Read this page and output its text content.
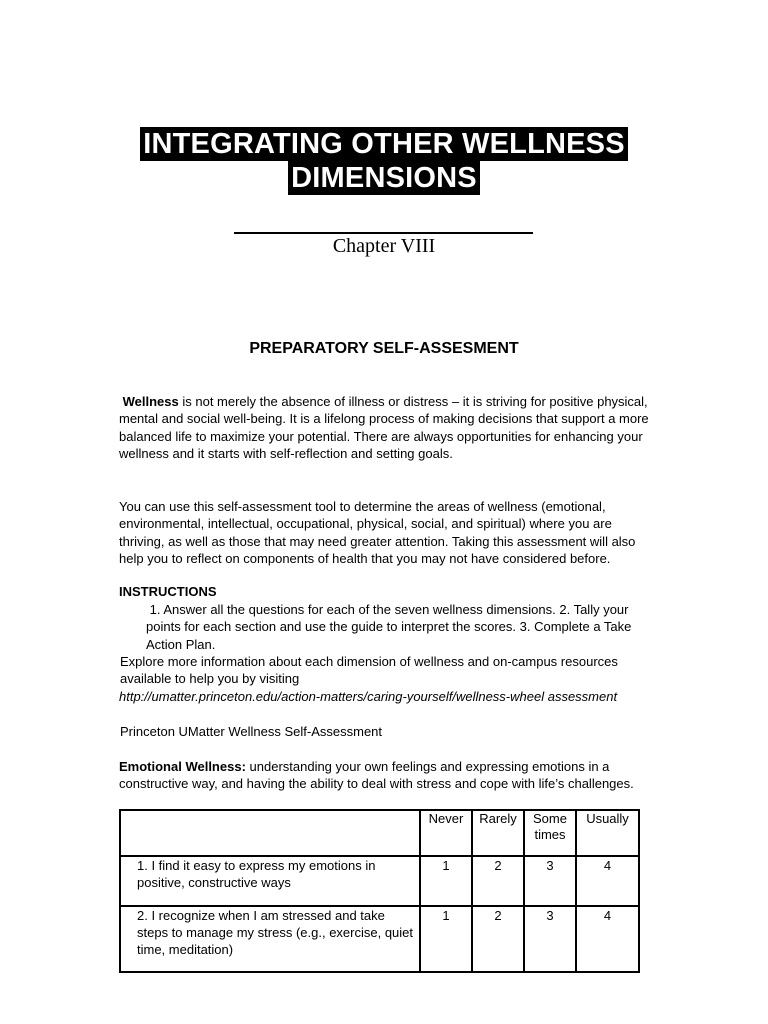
INTEGRATING OTHER WELLNESS
DIMENSIONS
Chapter VIII
PREPARATORY SELF-ASSESMENT
Wellness is not merely the absence of illness or distress – it is striving for positive physical, mental and social well-being. It is a lifelong process of making decisions that support a more balanced life to maximize your potential. There are always opportunities for enhancing your wellness and it starts with self-reflection and setting goals.
You can use this self-assessment tool to determine the areas of wellness (emotional, environmental, intellectual, occupational, physical, social, and spiritual) where you are thriving, as well as those that may need greater attention. Taking this assessment will also help you to reflect on components of health that you may not have considered before.
INSTRUCTIONS
1. Answer all the questions for each of the seven wellness dimensions. 2. Tally your points for each section and use the guide to interpret the scores. 3. Complete a Take Action Plan.
Explore more information about each dimension of wellness and on-campus resources available to help you by visiting
http://umatter.princeton.edu/action-matters/caring-yourself/wellness-wheel assessment
Princeton UMatter Wellness Self-Assessment
Emotional Wellness: understanding your own feelings and expressing emotions in a constructive way, and having the ability to deal with stress and cope with life’s challenges.
	Never	Rarely	Some times	Usually
1. I find it easy to express my emotions in positive, constructive ways	1	2	3	4
2. I recognize when I am stressed and take steps to manage my stress (e.g., exercise, quiet time, meditation)	1	2	3	4
